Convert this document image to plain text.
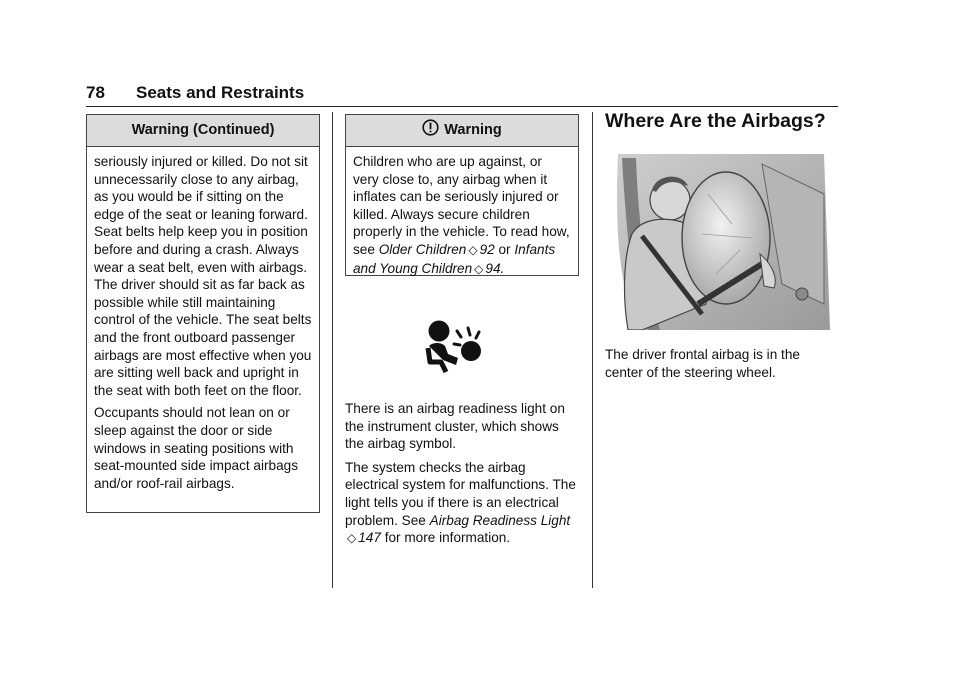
78 Seats and Restraints
Warning (Continued)

seriously injured or killed. Do not sit unnecessarily close to any airbag, as you would be if sitting on the edge of the seat or leaning forward. Seat belts help keep you in position before and during a crash. Always wear a seat belt, even with airbags. The driver should sit as far back as possible while still maintaining control of the vehicle. The seat belts and the front outboard passenger airbags are most effective when you are sitting well back and upright in the seat with both feet on the floor.

Occupants should not lean on or sleep against the door or side windows in seating positions with seat-mounted side impact airbags and/or roof-rail airbags.

Warning
Children who are up against, or very close to, any airbag when it inflates can be seriously injured or killed. Always secure children properly in the vehicle. To read how, see Older Children ◇ 92 or Infants and Young Children ◇ 94.

There is an airbag readiness light on the instrument cluster, which shows the airbag symbol.

The system checks the airbag electrical system for malfunctions. The light tells you if there is an electrical problem. See Airbag Readiness Light◇ 147 for more information.

Where Are the Airbags?

The driver frontal airbag is in the center of the steering wheel.
